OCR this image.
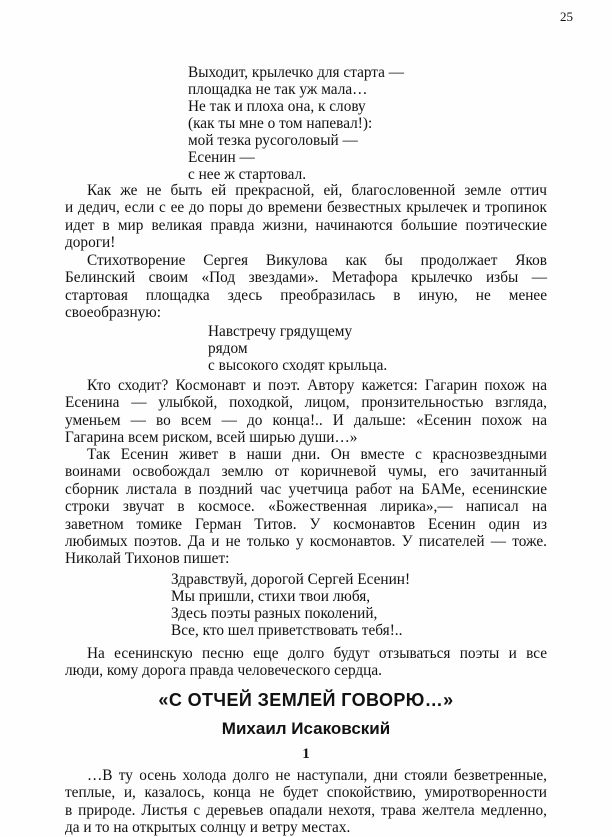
Выходит, крылечко для старта —

площадка не так уж мала…

Не так и плоха она, к слову

(как ты мне о том напевал!):

мой тезка русоголовый —

Есенин —

с нее ж стартовал.

Как же не быть ей прекрасной, ей, благословенной земле оттич
и дедич, если с ее до поры до времени безвестных крылечек и тропинок
идет в мир великая правда жизни, начинаются большие поэтические
дороги!
Стихотворение Сергея Викулова как бы продолжает Яков
Белинский своим «Под звездами». Метафора крылечко избы —
стартовая площадка здесь преобразилась в иную, не менее
своеобразную:

Навстречу грядущему

рядом

с высокого сходят крыльца.

Кто сходит? Космонавт и поэт. Автору кажется: Гагарин похож на
Есенина — улыбкой, походкой, лицом, пронзительностью взгляда,
уменьем — во всем — до конца!.. И дальше: «Есенин похож на
Гагарина всем риском, всей ширью души…»
Так Есенин живет в наши дни. Он вместе с краснозвездными
воинами освобождал землю от коричневой чумы, его зачитанный
сборник листала в поздний час учетчица работ на БАМе, есенинские
строки звучат в космосе. «Божественная лирика»,— написал на
заветном томике Герман Титов. У космонавтов Есенин один из
любимых поэтов. Да и не только у космонавтов. У писателей — тоже.
Николай Тихонов пишет:

Здравствуй, дорогой Сергей Есенин!

Мы пришли, стихи твои любя,

Здесь поэты разных поколений,

Все, кто шел приветствовать тебя!..

На есенинскую песню еще долго будут отзываться поэты и все
люди, кому дорога правда человеческого сердца.

«С ОТЧЕЙ ЗЕМЛЕЙ ГОВОРЮ…»

Михаил Исаковский

1

…В ту осень холода долго не наступали, дни стояли безветренные,
теплые, и, казалось, конца не будет спокойствию, умиротворенности
в природе. Листья с деревьев опадали нехотя, трава желтела медленно,
да и то на открытых солнцу и ветру местах.

25
